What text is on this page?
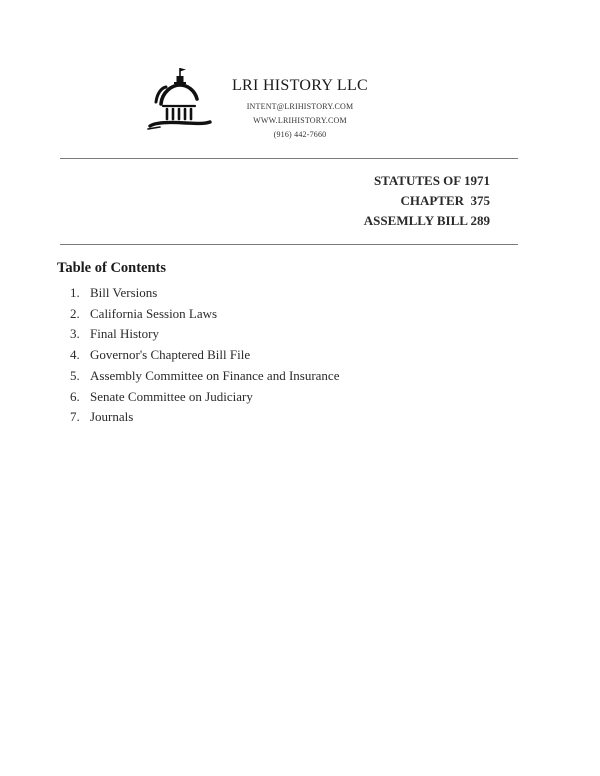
LRI HISTORY LLC
INTENT@LRIHISTORY.COM
WWW.LRIHISTORY.COM
(916) 442-7660
STATUTES OF 1971
CHAPTER  375
ASSEMLLY BILL 289
Table of Contents
1. Bill Versions
2. California Session Laws
3. Final History
4. Governor's Chaptered Bill File
5. Assembly Committee on Finance and Insurance
6. Senate Committee on Judiciary
7. Journals
